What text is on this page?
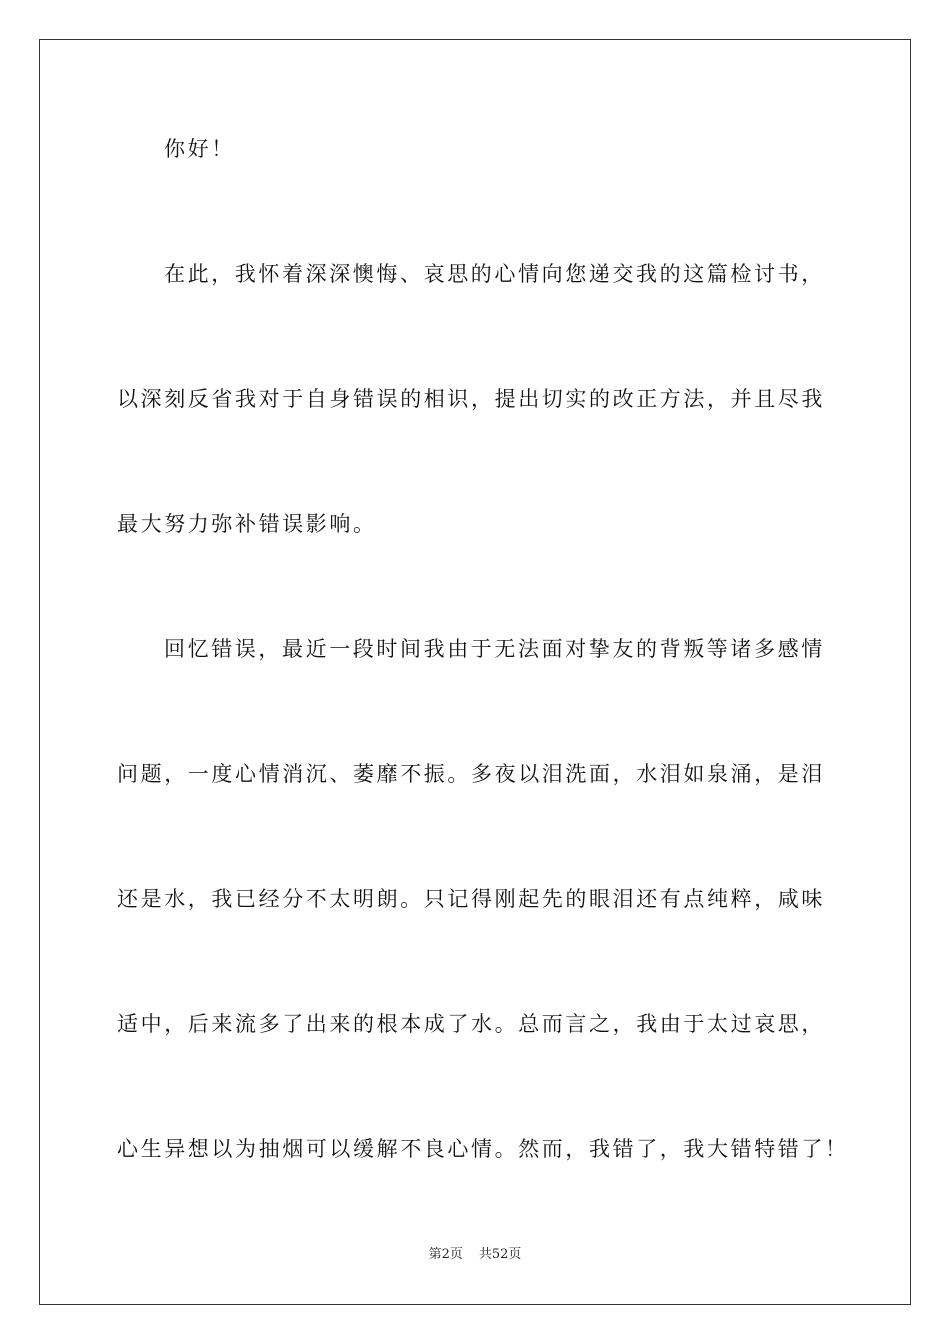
你好！
在此，我怀着深深懊悔、哀思的心情向您递交我的这篇检讨书，
以深刻反省我对于自身错误的相识，提出切实的改正方法，并且尽我
最大努力弥补错误影响。
回忆错误，最近一段时间我由于无法面对挚友的背叛等诸多感情
问题，一度心情消沉、萎靡不振。多夜以泪洗面，水泪如泉涌，是泪
还是水，我已经分不太明朗。只记得刚起先的眼泪还有点纯粹，咸味
适中，后来流多了出来的根本成了水。总而言之，我由于太过哀思，
心生异想以为抽烟可以缓解不良心情。然而，我错了，我大错特错了！
第2页 共52页
